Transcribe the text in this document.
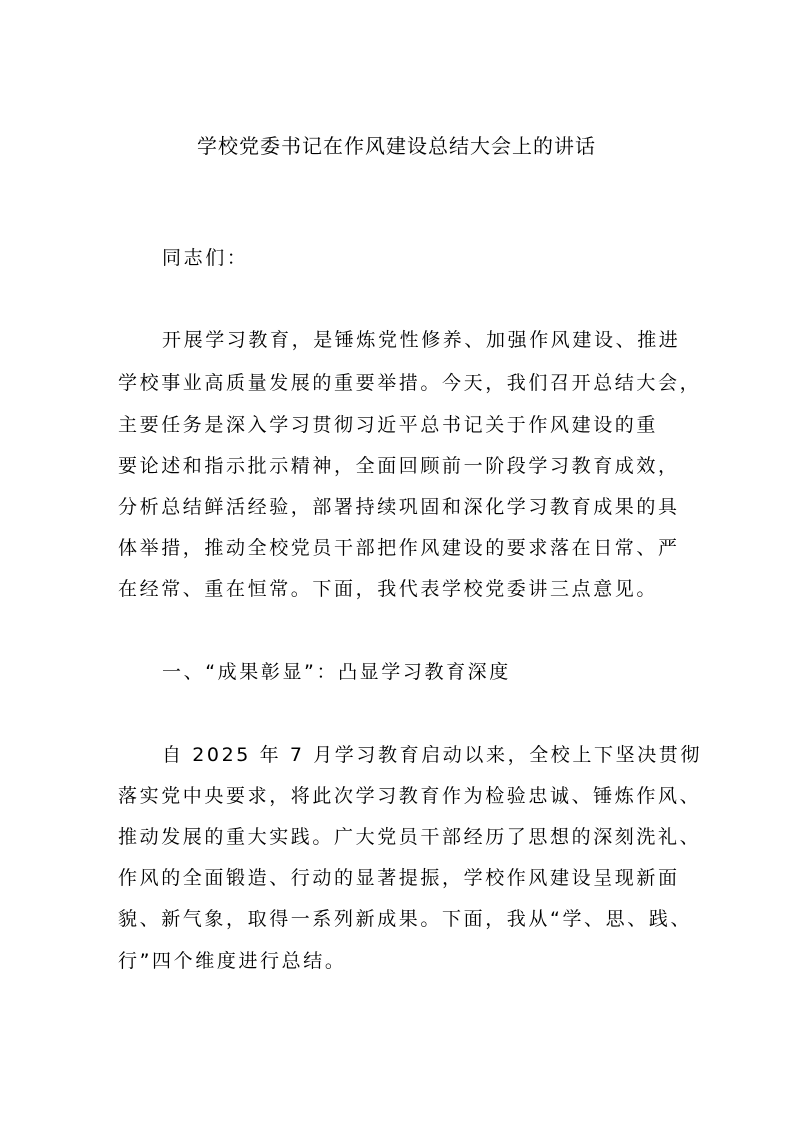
学校党委书记在作风建设总结大会上的讲话
同志们：
开展学习教育，是锤炼党性修养、加强作风建设、推进
学校事业高质量发展的重要举措。今天，我们召开总结大会，
主要任务是深入学习贯彻习近平总书记关于作风建设的重
要论述和指示批示精神，全面回顾前一阶段学习教育成效，
分析总结鲜活经验，部署持续巩固和深化学习教育成果的具
体举措，推动全校党员干部把作风建设的要求落在日常、严
在经常、重在恒常。下面，我代表学校党委讲三点意见。
一、“成果彰显”：凸显学习教育深度
自 2025 年 7 月学习教育启动以来，全校上下坚决贯彻
落实党中央要求，将此次学习教育作为检验忠诚、锤炼作风、
推动发展的重大实践。广大党员干部经历了思想的深刻洗礼、
作风的全面锻造、行动的显著提振，学校作风建设呈现新面
貌、新气象，取得一系列新成果。下面，我从“学、思、践、
行”四个维度进行总结。
